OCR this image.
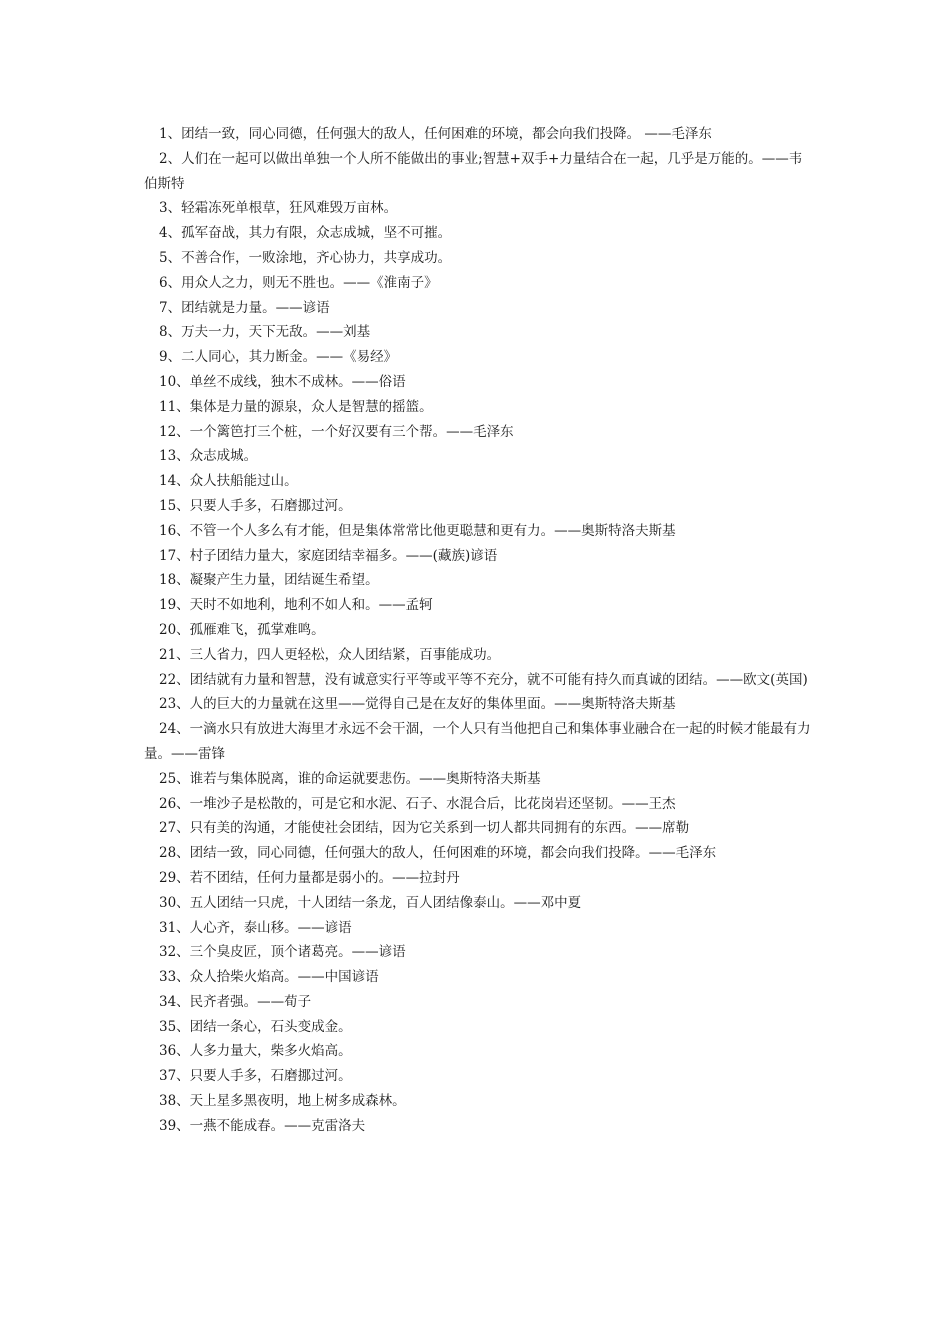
1、团结一致，同心同德，任何强大的敌人，任何困难的环境，都会向我们投降。 ——毛泽东

2、人们在一起可以做出单独一个人所不能做出的事业;智慧+双手+力量结合在一起，几乎是万能的。——韦伯斯特

3、轻霜冻死单根草，狂风难毁万亩林。

4、孤军奋战，其力有限，众志成城，坚不可摧。

5、不善合作，一败涂地，齐心协力，共享成功。

6、用众人之力，则无不胜也。——《淮南子》

7、团结就是力量。——谚语

8、万夫一力，天下无敌。——刘基

9、二人同心，其力断金。——《易经》

10、单丝不成线，独木不成林。——俗语

11、集体是力量的源泉，众人是智慧的摇篮。

12、一个篱笆打三个桩，一个好汉要有三个帮。——毛泽东

13、众志成城。

14、众人扶船能过山。

15、只要人手多，石磨挪过河。

16、不管一个人多么有才能，但是集体常常比他更聪慧和更有力。——奥斯特洛夫斯基

17、村子团结力量大，家庭团结幸福多。——(藏族)谚语

18、凝聚产生力量，团结诞生希望。

19、天时不如地利，地利不如人和。——孟轲

20、孤雁难飞，孤掌难鸣。

21、三人省力，四人更轻松，众人团结紧，百事能成功。

22、团结就有力量和智慧，没有诚意实行平等或平等不充分，就不可能有持久而真诚的团结。——欧文(英国)

23、人的巨大的力量就在这里——觉得自己是在友好的集体里面。——奥斯特洛夫斯基

24、一滴水只有放进大海里才永远不会干涸，一个人只有当他把自己和集体事业融合在一起的时候才能最有力量。——雷锋

25、谁若与集体脱离，谁的命运就要悲伤。——奥斯特洛夫斯基

26、一堆沙子是松散的，可是它和水泥、石子、水混合后，比花岗岩还坚韧。——王杰

27、只有美的沟通，才能使社会团结，因为它关系到一切人都共同拥有的东西。——席勒

28、团结一致，同心同德，任何强大的敌人，任何困难的环境，都会向我们投降。——毛泽东

29、若不团结，任何力量都是弱小的。——拉封丹

30、五人团结一只虎，十人团结一条龙，百人团结像泰山。——邓中夏

31、人心齐，泰山移。——谚语

32、三个臭皮匠，顶个诸葛亮。——谚语

33、众人拾柴火焰高。——中国谚语

34、民齐者强。——荀子

35、团结一条心，石头变成金。

36、人多力量大，柴多火焰高。

37、只要人手多，石磨挪过河。

38、天上星多黑夜明，地上树多成森林。

39、一燕不能成春。——克雷洛夫
